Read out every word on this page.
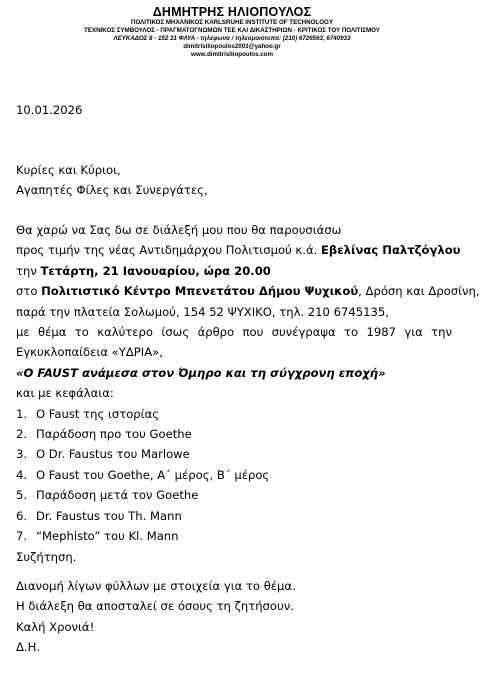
ΔΗΜΗΤΡΗΣ ΗΛΙΟΠΟΥΛΟΣ
ΠΟΛΙΤΙΚΟΣ ΜΗΧΑΝΙΚΟΣ KARLSRUHE INSTITUTE OF TECHNOLOGY
ΤΕΧΝΙΚΟΣ ΣΥΜΒΟΥΛΟΣ - ΠΡΑΓΜΑΤΟΓΝΩΜΩΝ ΤΕΕ ΚΑΙ ΔΙΚΑΣΤΗΡΙΩΝ - ΚΡΙΤΙΚΟΣ ΤΟΥ ΠΟΛΙΤΙΣΜΟΥ
ΛΕΥΚΑΔΟΣ 8 - 152 31 ΦΛΥΑ - τηλέφωνα / τηλεομοιότυπα: (210) 6726563, 6740933
dimitrisiliopoulos2003@yahoo.gr
www.dimitrisiliopoulos.com
10.01.2026
Κυρίες και Κύριοι,
Αγαπητές Φίλες και Συνεργάτες,
Θα χαρώ να Σας δω σε διάλεξή μου που θα παρουσιάσω
προς τιμήν της νέας Αντιδημάρχου Πολιτισμού κ.ά. Εβελίνας Παλτζόγλου
την Τετάρτη, 21 Ιανουαρίου, ώρα 20.00
στο Πολιτιστικό Κέντρο Μπενετάτου Δήμου Ψυχικού, Δρόση και Δροσίνη,
παρά την πλατεία Σολωμού, 154 52 ΨΥΧΙΚΟ, τηλ. 210 6745135,
με θέμα το καλύτερο ίσως άρθρο που συνέγραψα το 1987 για την
Εγκυκλοπαίδεια «ΥΔΡΙΑ»,
«Ο FAUST ανάμεσα στον Όμηρο και τη σύγχρονη εποχή»
και με κεφάλαια:
1. Ο Faust της ιστορίας
2. Παράδοση προ του Goethe
3. Ο Dr. Faustus του Marlowe
4. Ο Faust του Goethe, Α΄ μέρος, Β΄ μέρος
5. Παράδοση μετά τον Goethe
6. Dr. Faustus του Th. Mann
7. “Mephisto” του Kl. Mann
Συζήτηση.
Διανομή λίγων φύλλων με στοιχεία για το θέμα.
Η διάλεξη θα αποσταλεί σε όσους τη ζητήσουν.
Καλή Χρονιά!
Δ.Η.
